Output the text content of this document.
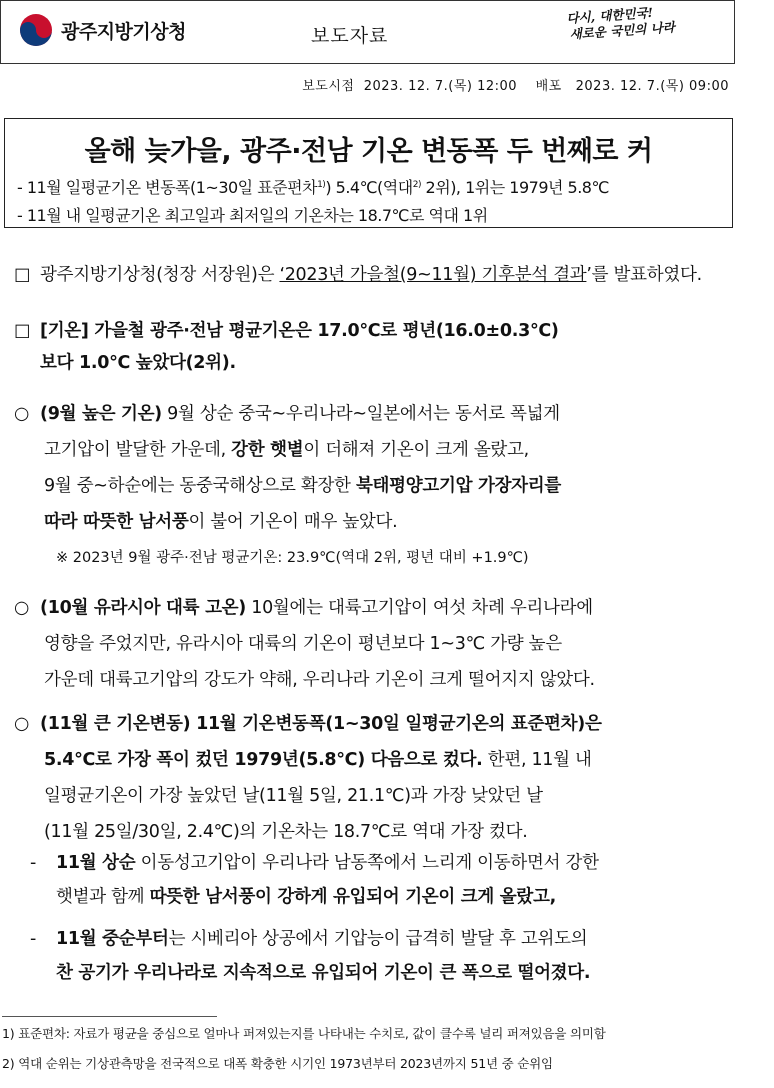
광주지방기상청	보도자료
다시, 대한민국!
새로운 국민의 나라
보도시점 2023. 12. 7.(목) 12:00 배포 2023. 12. 7.(목) 09:00
올해 늦가을, 광주·전남 기온 변동폭 두 번째로 커
- 11월 일평균기온 변동폭(1~30일 표준편차$^{1)}$) 5.4℃(역대$^{2)}$ 2위), 1위는 1979년 5.8℃
- 11월 내 일평균기온 최고일과 최저일의 기온차는 18.7℃로 역대 1위
□ 광주지방기상청(청장 서장원)은 ‘2023년 가을철(9~11월) 기후분석 결과’를 발표하였다.
□ [기온] 가을철 광주·전남 평균기온은 17.0℃로 평년(16.0±0.3℃)
보다 1.0℃ 높았다(2위).
○ (9월 높은 기온) 9월 상순 중국~우리나라~일본에서는 동서로 폭넓게
고기압이 발달한 가운데, 강한 햇볕이 더해져 기온이 크게 올랐고,
9월 중~하순에는 동중국해상으로 확장한 북태평양고기압 가장자리를
따라 따뜻한 남서풍이 불어 기온이 매우 높았다.
※ 2023년 9월 광주·전남 평균기온: 23.9℃(역대 2위, 평년 대비 +1.9℃)
○ (10월 유라시아 대륙 고온) 10월에는 대륙고기압이 여섯 차례 우리나라에
영향을 주었지만, 유라시아 대륙의 기온이 평년보다 1~3℃ 가량 높은
가운데 대륙고기압의 강도가 약해, 우리나라 기온이 크게 떨어지지 않았다.
○ (11월 큰 기온변동) 11월 기온변동폭(1~30일 일평균기온의 표준편차)은
5.4℃로 가장 폭이 컸던 1979년(5.8℃) 다음으로 컸다. 한편, 11월 내
일평균기온이 가장 높았던 날(11월 5일, 21.1℃)과 가장 낮았던 날
(11월 25일/30일, 2.4℃)의 기온차는 18.7℃로 역대 가장 컸다.
- 11월 상순 이동성고기압이 우리나라 남동쪽에서 느리게 이동하면서 강한
햇볕과 함께 따뜻한 남서풍이 강하게 유입되어 기온이 크게 올랐고,
- 11월 중순부터는 시베리아 상공에서 기압능이 급격히 발달 후 고위도의
찬 공기가 우리나라로 지속적으로 유입되어 기온이 큰 폭으로 떨어졌다.
1) 표준편차: 자료가 평균을 중심으로 얼마나 퍼져있는지를 나타내는 수치로, 값이 클수록 널리 퍼져있음을 의미함
2) 역대 순위는 기상관측망을 전국적으로 대폭 확충한 시기인 1973년부터 2023년까지 51년 중 순위임
